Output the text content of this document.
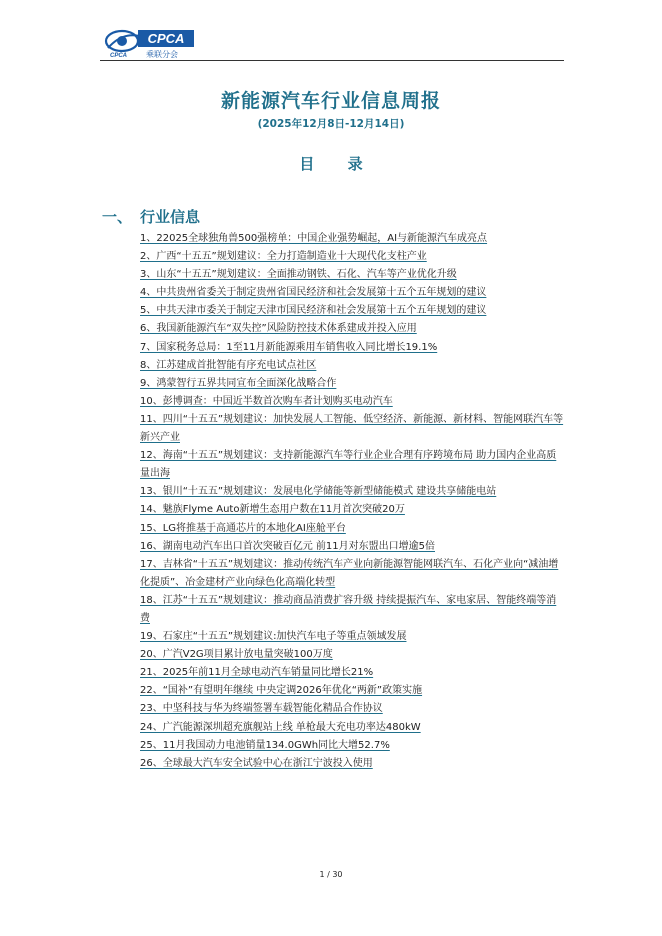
CPCA
乘联分会
CPCA
新能源汽车行业信息周报
(2025年12月8日-12月14日)
目 录
一、 行业信息
1、22025全球独角兽500强榜单：中国企业强势崛起，AI与新能源汽车成亮点
2、广西“十五五”规划建议：全力打造制造业十大现代化支柱产业
3、山东“十五五”规划建议：全面推动钢铁、石化、汽车等产业优化升级
4、中共贵州省委关于制定贵州省国民经济和社会发展第十五个五年规划的建议
5、中共天津市委关于制定天津市国民经济和社会发展第十五个五年规划的建议
6、我国新能源汽车“双失控”风险防控技术体系建成并投入应用
7、国家税务总局：1至11月新能源乘用车销售收入同比增长19.1%
8、江苏建成首批智能有序充电试点社区
9、鸿蒙智行五界共同宣布全面深化战略合作
10、彭博调查：中国近半数首次购车者计划购买电动汽车
11、四川“十五五”规划建议：加快发展人工智能、低空经济、新能源、新材料、智能网联汽车等新兴产业
12、海南“十五五”规划建议：支持新能源汽车等行业企业合理有序跨境布局 助力国内企业高质量出海
13、银川“十五五”规划建议：发展电化学储能等新型储能模式 建设共享储能电站
14、魅族Flyme Auto新增生态用户数在11月首次突破20万
15、LG将推基于高通芯片的本地化AI座舱平台
16、湖南电动汽车出口首次突破百亿元 前11月对东盟出口增逾5倍
17、吉林省“十五五”规划建议：推动传统汽车产业向新能源智能网联汽车、石化产业向“减油增化提质”、冶金建材产业向绿色化高端化转型
18、江苏“十五五”规划建议：推动商品消费扩容升级 持续提振汽车、家电家居、智能终端等消费
19、石家庄“十五五”规划建议:加快汽车电子等重点领域发展
20、广汽V2G项目累计放电量突破100万度
21、2025年前11月全球电动汽车销量同比增长21%
22、“国补”有望明年继续 中央定调2026年优化“两新”政策实施
23、中坚科技与华为终端签署车载智能化精品合作协议
24、广汽能源深圳超充旗舰站上线 单枪最大充电功率达480kW
25、11月我国动力电池销量134.0GWh同比大增52.7%
26、全球最大汽车安全试验中心在浙江宁波投入使用
1 / 30
